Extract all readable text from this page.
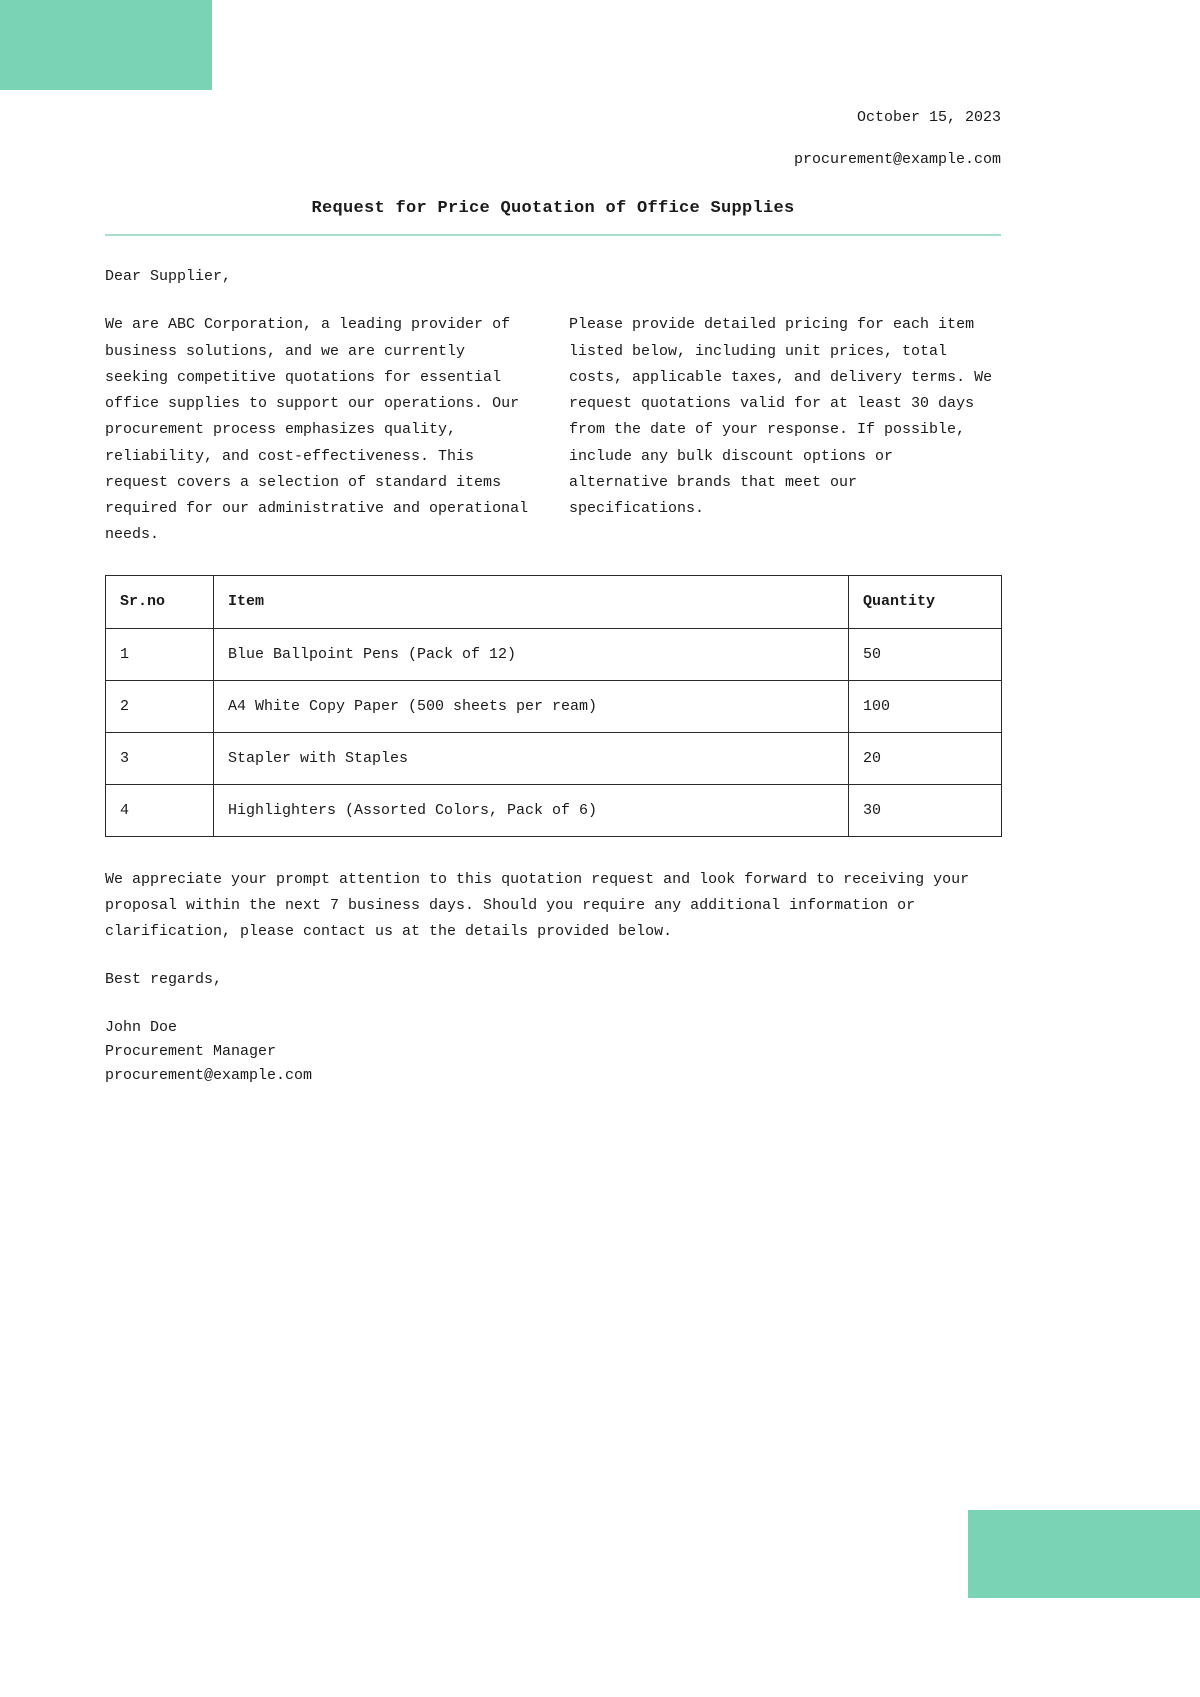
October 15, 2023
procurement@example.com
Request for Price Quotation of Office Supplies
Dear Supplier,
We are ABC Corporation, a leading provider of business solutions, and we are currently seeking competitive quotations for essential office supplies to support our operations. Our procurement process emphasizes quality, reliability, and cost-effectiveness. This request covers a selection of standard items required for our administrative and operational needs.
Please provide detailed pricing for each item listed below, including unit prices, total costs, applicable taxes, and delivery terms. We request quotations valid for at least 30 days from the date of your response. If possible, include any bulk discount options or alternative brands that meet our specifications.
Sr.no	Item	Quantity
1	Blue Ballpoint Pens (Pack of 12)	50
2	A4 White Copy Paper (500 sheets per ream)	100
3	Stapler with Staples	20
4	Highlighters (Assorted Colors, Pack of 6)	30
We appreciate your prompt attention to this quotation request and look forward to receiving your proposal within the next 7 business days. Should you require any additional information or clarification, please contact us at the details provided below.
Best regards,
John Doe
Procurement Manager
procurement@example.com
